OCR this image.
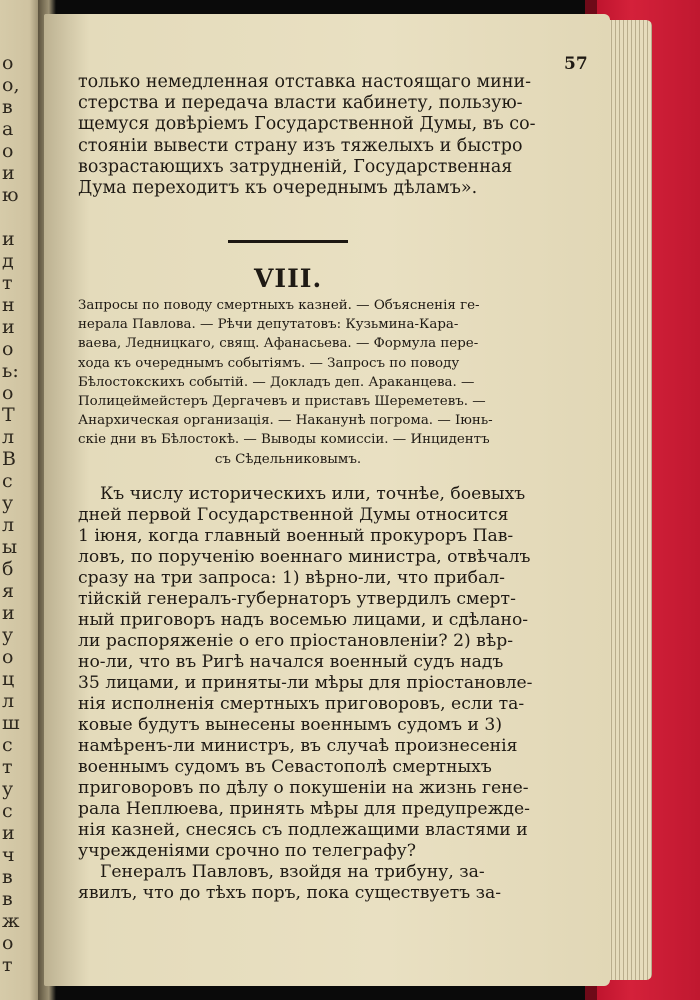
о
о,
в
а
о
и
ю
и
д
т
н
и
о
ь:
о
Т
л
В
с
у
л
ы
б
я
и
у
о
ц
л
ш
с
т
у
с
и
ч
в
в
ж
о
т
57
только немедленная отставка настоящаго мини-
стерства и передача власти кабинету, пользую-
щемуся довѣріемъ Государственной Думы, въ со-
стояніи вывести страну изъ тяжелыхъ и быстро
возрастающихъ затрудненій, Государственная
Дума переходитъ къ очереднымъ дѣламъ».
VIII.
Запросы по поводу смертныхъ казней. — Объясненія ге-
нерала Павлова. — Рѣчи депутатовъ: Кузьмина-Кара-
ваева, Ледницкаго, свящ. Афанасьева. — Формула пере-
хода къ очереднымъ событіямъ. — Запросъ по поводу
Бѣлостокскихъ событій. — Докладъ деп. Араканцева. —
Полицеймейстеръ Дергачевъ и приставъ Шереметевъ. —
Анархическая организація. — Наканунѣ погрома. — Іюнь-
скіе дни въ Бѣлостокѣ. — Выводы комиссіи. — Инцидентъ
съ Сѣдельниковымъ.
Къ числу историческихъ или, точнѣе, боевыхъ
дней первой Государственной Думы относится
1 іюня, когда главный военный прокуроръ Пав-
ловъ, по порученію военнаго министра, отвѣчалъ
сразу на три запроса: 1) вѣрно-ли, что прибал-
тійскій генералъ-губернаторъ утвердилъ смерт-
ный приговоръ надъ восемью лицами, и сдѣлано-
ли распоряженіе о его пріостановленіи? 2) вѣр-
но-ли, что въ Ригѣ начался военный судъ надъ
35 лицами, и приняты-ли мѣры для пріостановле-
нія исполненія смертныхъ приговоровъ, если та-
ковые будутъ вынесены военнымъ судомъ и 3)
намѣренъ-ли министръ, въ случаѣ произнесенія
военнымъ судомъ въ Севастополѣ смертныхъ
приговоровъ по дѣлу о покушеніи на жизнь гене-
рала Неплюева, принять мѣры для предупрежде-
нія казней, снесясь съ подлежащими властями и
учрежденіями срочно по телеграфу?
Генералъ Павловъ, взойдя на трибуну, за-
явилъ, что до тѣхъ поръ, пока существуетъ за-
